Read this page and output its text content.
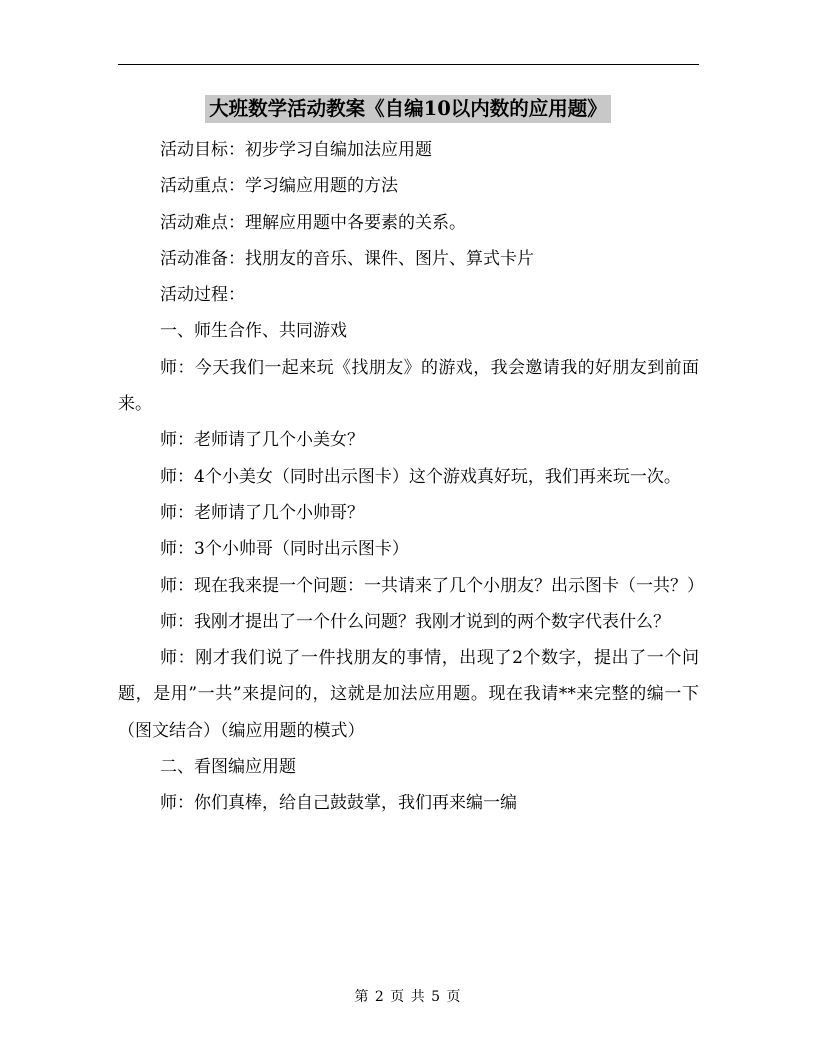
大班数学活动教案《自编10以内数的应用题》

活动目标：初步学习自编加法应用题

活动重点：学习编应用题的方法

活动难点：理解应用题中各要素的关系。

活动准备：找朋友的音乐、课件、图片、算式卡片

活动过程：

一、师生合作、共同游戏

师：今天我们一起来玩《找朋友》的游戏，我会邀请我的好朋友到前面来。

师：老师请了几个小美女？

师：4个小美女（同时出示图卡）这个游戏真好玩，我们再来玩一次。

师：老师请了几个小帅哥？

师：3个小帅哥（同时出示图卡）

师：现在我来提一个问题：一共请来了几个小朋友？出示图卡（一共？）

师：我刚才提出了一个什么问题？我刚才说到的两个数字代表什么？

师：刚才我们说了一件找朋友的事情，出现了2个数字，提出了一个问题，是用”一共”来提问的，这就是加法应用题。现在我请**来完整的编一下（图文结合）（编应用题的模式）

二、看图编应用题

师：你们真棒，给自己鼓鼓掌，我们再来编一编

第 2 页 共 5 页
